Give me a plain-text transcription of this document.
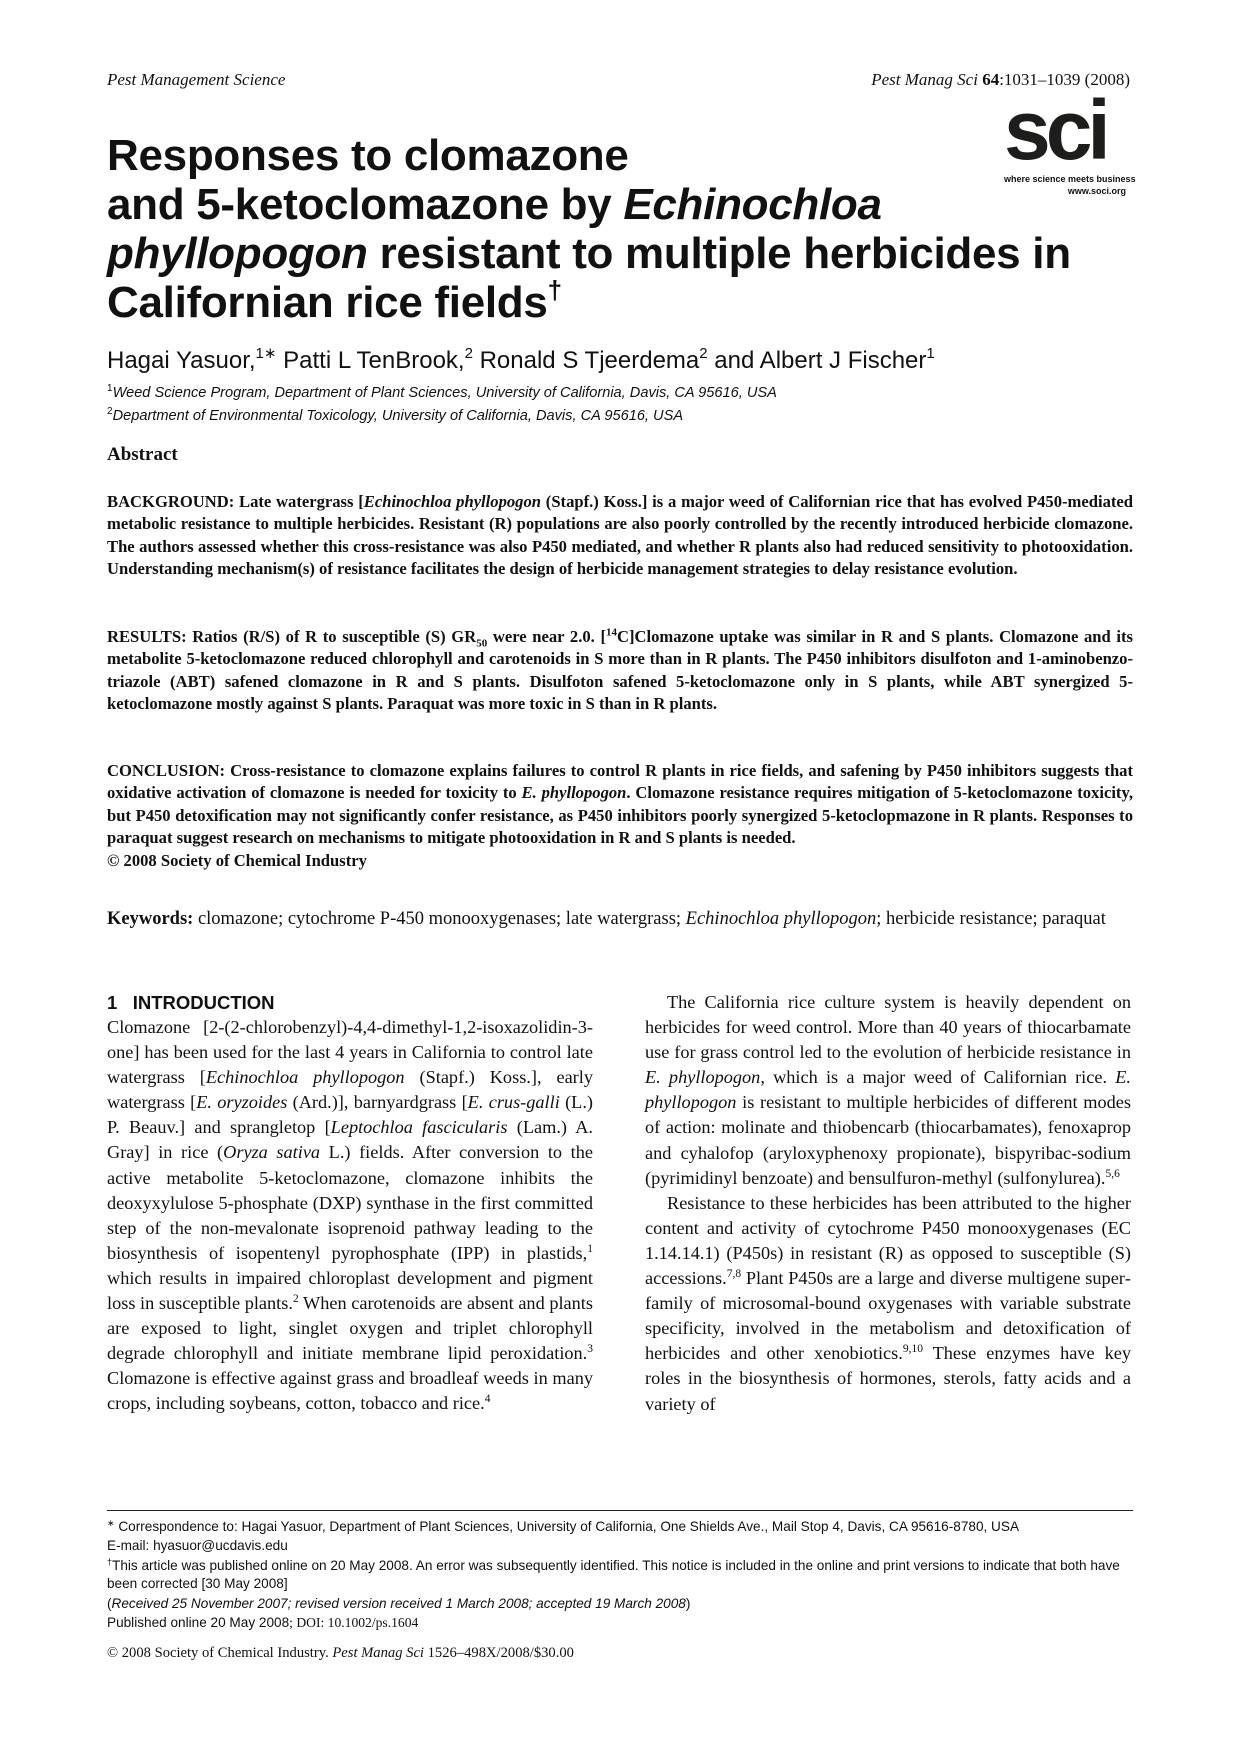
Pest Management Science	Pest Manag Sci 64:1031–1039 (2008)
sci
where science meets business
www.soci.org
Responses to clomazone
and 5-ketoclomazone by Echinochloa
phyllopogon resistant to multiple herbicides in
Californian rice fields†
Hagai Yasuor,$^{1∗}$ Patti L TenBrook,$^2$ Ronald S Tjeerdema$^2$ and Albert J Fischer$^1$
$^1$Weed Science Program, Department of Plant Sciences, University of California, Davis, CA 95616, USA
$^2$Department of Environmental Toxicology, University of California, Davis, CA 95616, USA
Abstract
BACKGROUND: Late watergrass [Echinochloa phyllopogon (Stapf.) Koss.] is a major weed of Californian rice that has evolved P450-mediated metabolic resistance to multiple herbicides. Resistant (R) populations are also poorly controlled by the recently introduced herbicide clomazone. The authors assessed whether this cross-resistance was also P450 mediated, and whether R plants also had reduced sensitivity to photooxidation. Understanding mechanism(s) of resistance facilitates the design of herbicide management strategies to delay resistance evolution.
RESULTS: Ratios (R/S) of R to susceptible (S) $GR_{50}$ were near 2.0. [$^{14}$C]Clomazone uptake was similar in R and S plants. Clomazone and its metabolite 5-ketoclomazone reduced chlorophyll and carotenoids in S more than in R plants. The P450 inhibitors disulfoton and 1-aminobenzo-triazole (ABT) safened clomazone in R and S plants. Disulfoton safened 5-ketoclomazone only in S plants, while ABT synergized 5-ketoclomazone mostly against S plants. Paraquat was more toxic in S than in R plants.
CONCLUSION: Cross-resistance to clomazone explains failures to control R plants in rice fields, and safening by P450 inhibitors suggests that oxidative activation of clomazone is needed for toxicity to E. phyllopogon. Clomazone resistance requires mitigation of 5-ketoclomazone toxicity, but P450 detoxification may not significantly confer resistance, as P450 inhibitors poorly synergized 5-ketoclopmazone in R plants. Responses to paraquat suggest research on mechanisms to mitigate photooxidation in R and S plants is needed.
© 2008 Society of Chemical Industry
Keywords: clomazone; cytochrome P-450 monooxygenases; late watergrass; Echinochloa phyllopogon; herbicide resistance; paraquat
1 INTRODUCTION

Clomazone [2-(2-chlorobenzyl)-4,4-dimethyl-1,2-isoxazolidin-3-one] has been used for the last 4 years in California to control late watergrass [Echinochloa phyllopogon (Stapf.) Koss.], early watergrass [E. oryzoides (Ard.)], barnyardgrass [E. crus-galli (L.) P. Beauv.] and sprangletop [Leptochloa fascicularis (Lam.) A. Gray] in rice (Oryza sativa L.) fields. After conversion to the active metabolite 5-ketoclomazone, clomazone inhibits the deoxyxylulose 5-phosphate (DXP) synthase in the first committed step of the non-mevalonate isoprenoid pathway leading to the biosynthesis of isopentenyl pyrophosphate (IPP) in plastids,$^1$ which results in impaired chloroplast development and pigment loss in susceptible plants.$^2$ When carotenoids are absent and plants are exposed to light, singlet oxygen and triplet chlorophyll degrade chlorophyll and initiate membrane lipid peroxidation.$^3$ Clomazone is effective against grass and broadleaf weeds in many crops, including soybeans, cotton, tobacco and rice.$^4$

The California rice culture system is heavily dependent on herbicides for weed control. More than 40 years of thiocarbamate use for grass control led to the evolution of herbicide resistance in E. phyllopogon, which is a major weed of Californian rice. E. phyllopogon is resistant to multiple herbicides of different modes of action: molinate and thiobencarb (thiocarbamates), fenoxaprop and cyhalofop (aryloxyphenoxy propionate), bispyribac-sodium (pyrimidinyl benzoate) and bensulfuron-methyl (sulfonylurea).$^{5,6}$

Resistance to these herbicides has been attributed to the higher content and activity of cytochrome P450 monooxygenases (EC 1.14.14.1) (P450s) in resistant (R) as opposed to susceptible (S) accessions.$^{7,8}$ Plant P450s are a large and diverse multigene superfamily of microsomal-bound oxygenases with variable substrate specificity, involved in the metabolism and detoxification of herbicides and other xenobiotics.$^{9,10}$ These enzymes have key roles in the biosynthesis of hormones, sterols, fatty acids and a variety of

∗ Correspondence to: Hagai Yasuor, Department of Plant Sciences, University of California, One Shields Ave., Mail Stop 4, Davis, CA 95616-8780, USA
E-mail: hyasuor@ucdavis.edu
†This article was published online on 20 May 2008. An error was subsequently identified. This notice is included in the online and print versions to indicate that both have been corrected [30 May 2008]
(Received 25 November 2007; revised version received 1 March 2008; accepted 19 March 2008)
Published online 20 May 2008; DOI: 10.1002/ps.1604
© 2008 Society of Chemical Industry. Pest Manag Sci 1526–498X/2008/$30.00
